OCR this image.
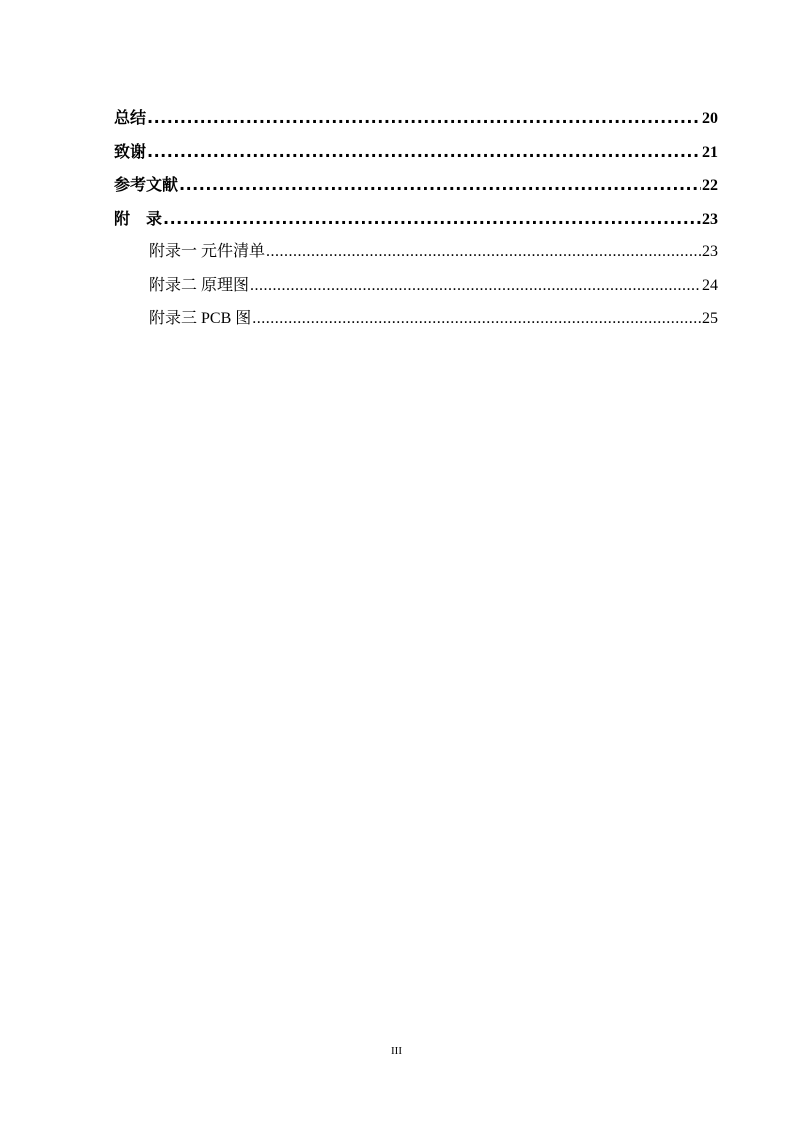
总结 .....	20
致谢 .....	21
参考文献 .....	22
附　录 .....	23
附录一 元件清单 .....	23
附录二 原理图 .....	24
附录三 PCB 图 .....	25
III
